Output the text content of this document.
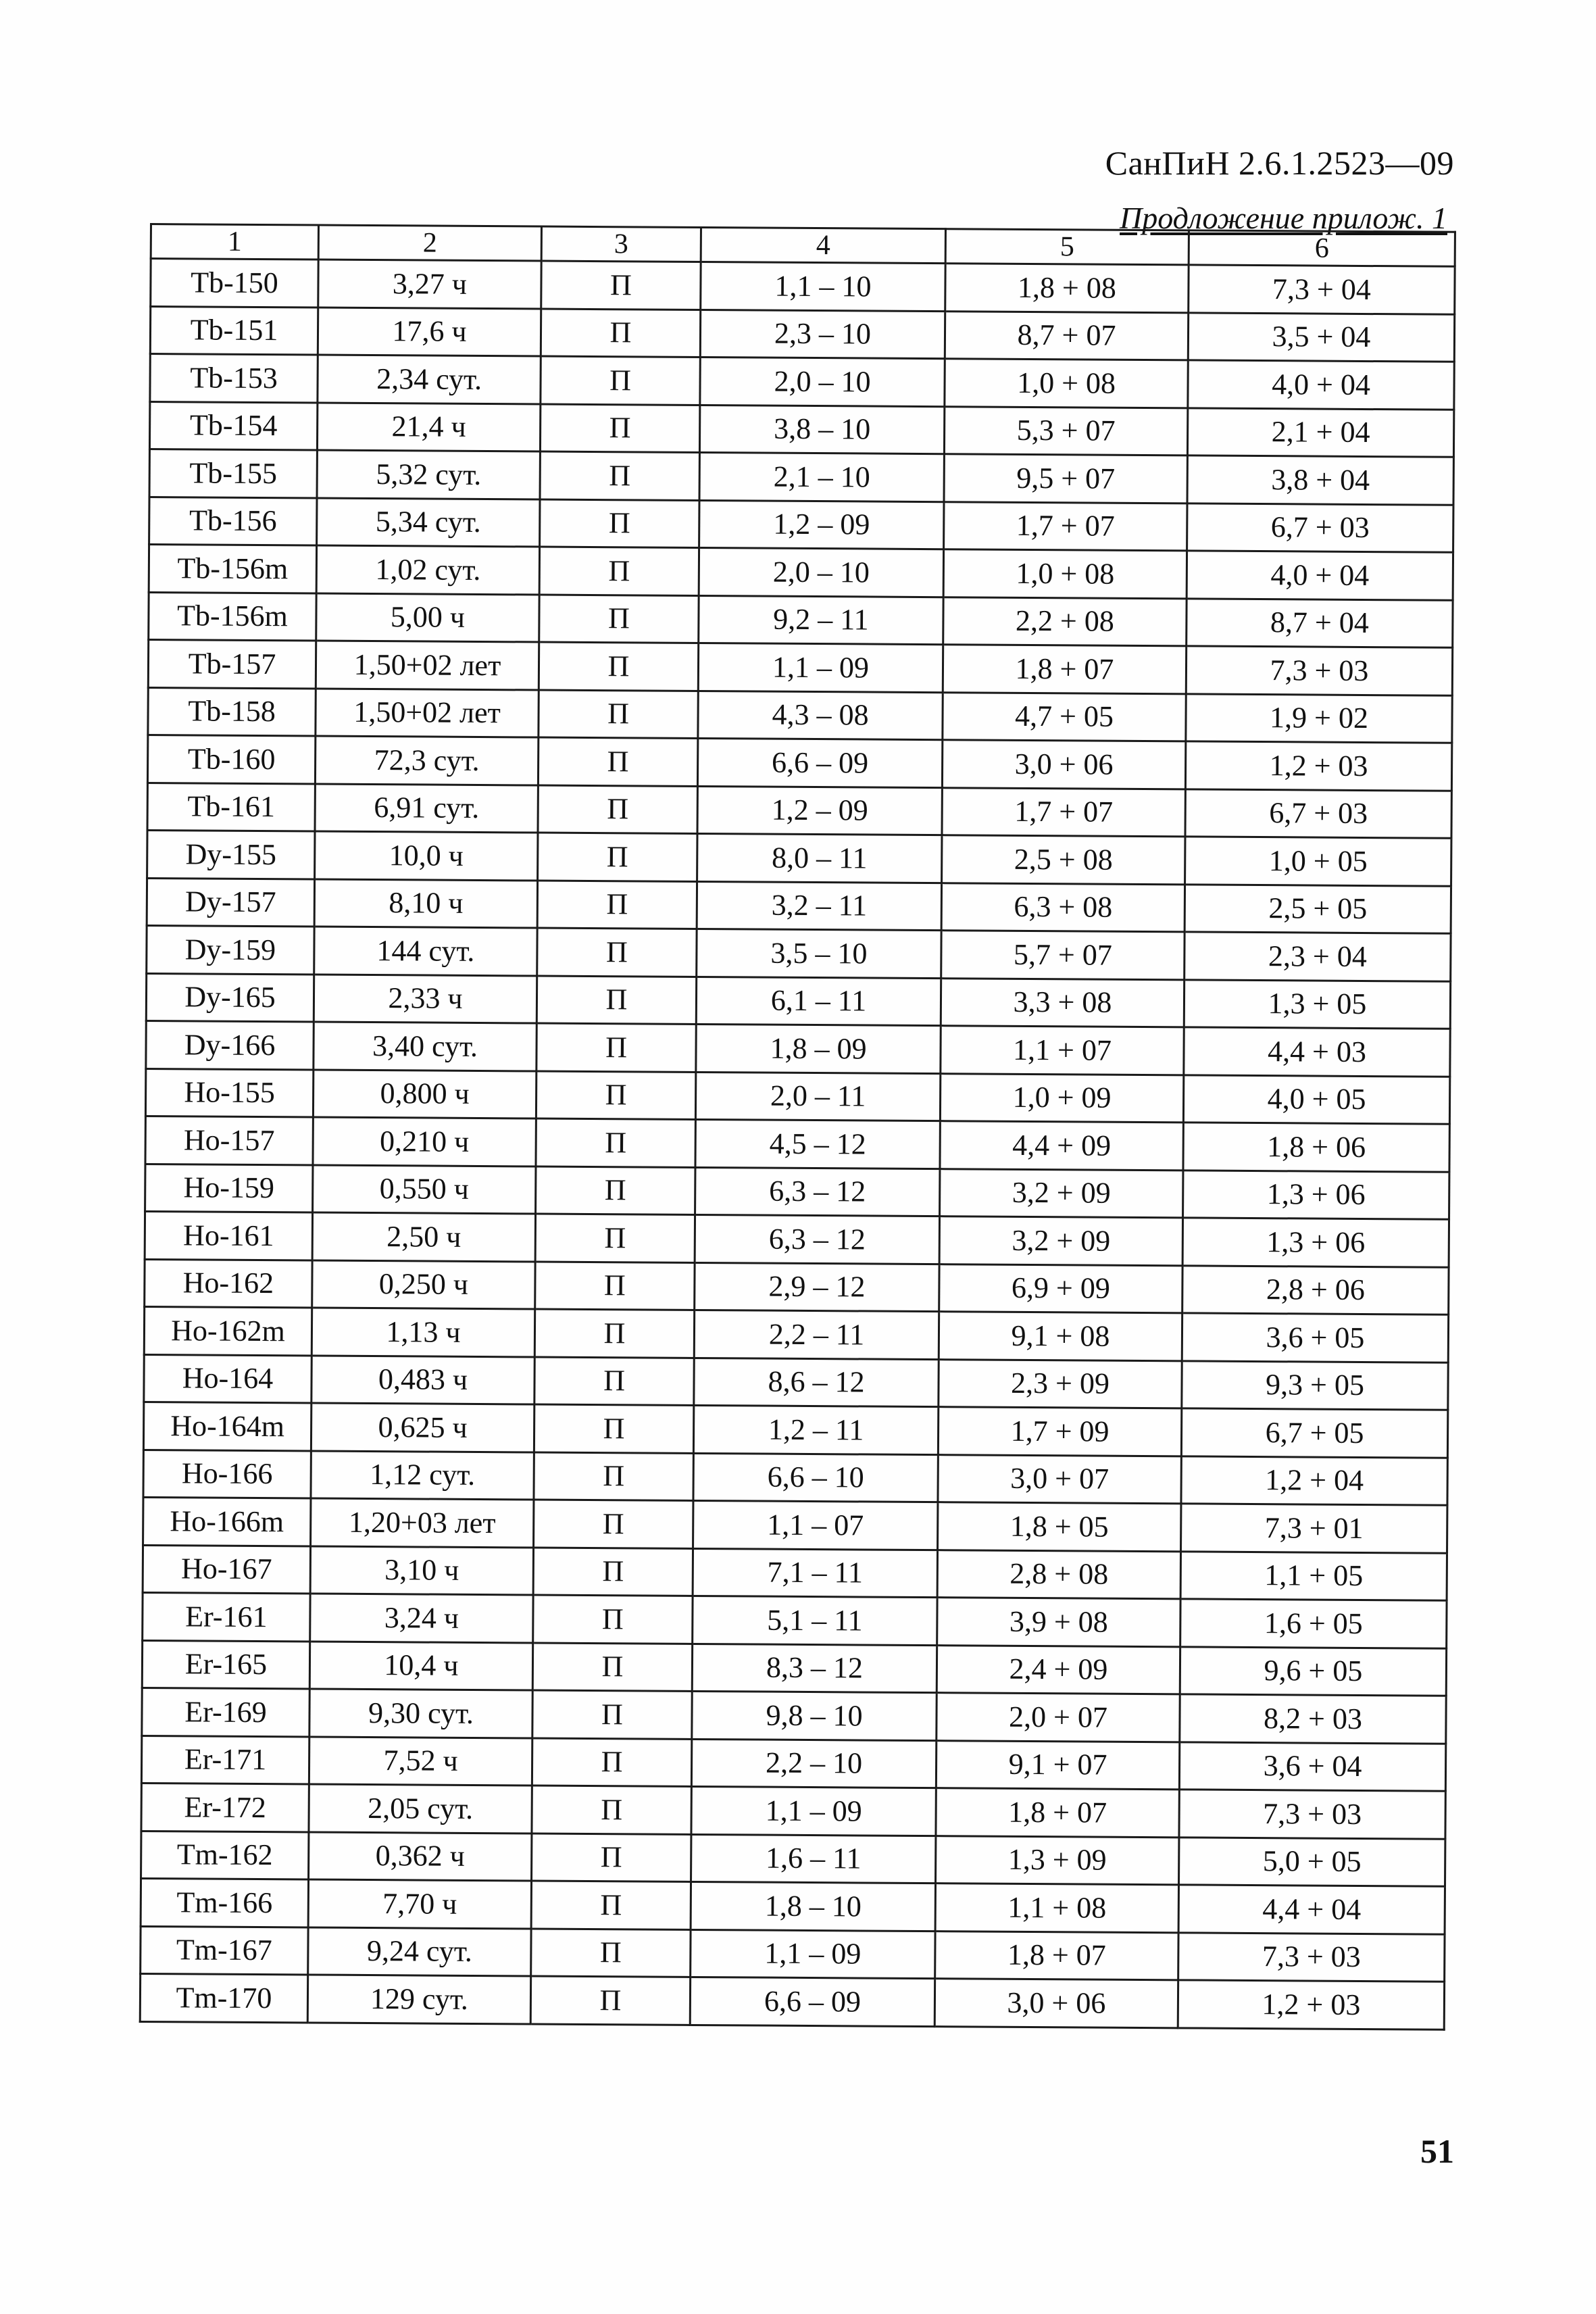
СанПиН 2.6.1.2523—09
Продложение прилож. 1
1	2	3	4	5	6
Tb-150	3,27 ч	П	1,1 – 10	1,8 + 08	7,3 + 04
Tb-151	17,6 ч	П	2,3 – 10	8,7 + 07	3,5 + 04
Tb-153	2,34 сут.	П	2,0 – 10	1,0 + 08	4,0 + 04
Tb-154	21,4 ч	П	3,8 – 10	5,3 + 07	2,1 + 04
Tb-155	5,32 сут.	П	2,1 – 10	9,5 + 07	3,8 + 04
Tb-156	5,34 сут.	П	1,2 – 09	1,7 + 07	6,7 + 03
Tb-156m	1,02 сут.	П	2,0 – 10	1,0 + 08	4,0 + 04
Tb-156m	5,00 ч	П	9,2 – 11	2,2 + 08	8,7 + 04
Tb-157	1,50+02 лет	П	1,1 – 09	1,8 + 07	7,3 + 03
Tb-158	1,50+02 лет	П	4,3 – 08	4,7 + 05	1,9 + 02
Tb-160	72,3 сут.	П	6,6 – 09	3,0 + 06	1,2 + 03
Tb-161	6,91 сут.	П	1,2 – 09	1,7 + 07	6,7 + 03
Dy-155	10,0 ч	П	8,0 – 11	2,5 + 08	1,0 + 05
Dy-157	8,10 ч	П	3,2 – 11	6,3 + 08	2,5 + 05
Dy-159	144 сут.	П	3,5 – 10	5,7 + 07	2,3 + 04
Dy-165	2,33 ч	П	6,1 – 11	3,3 + 08	1,3 + 05
Dy-166	3,40 сут.	П	1,8 – 09	1,1 + 07	4,4 + 03
Ho-155	0,800 ч	П	2,0 – 11	1,0 + 09	4,0 + 05
Ho-157	0,210 ч	П	4,5 – 12	4,4 + 09	1,8 + 06
Ho-159	0,550 ч	П	6,3 – 12	3,2 + 09	1,3 + 06
Ho-161	2,50 ч	П	6,3 – 12	3,2 + 09	1,3 + 06
Ho-162	0,250 ч	П	2,9 – 12	6,9 + 09	2,8 + 06
Ho-162m	1,13 ч	П	2,2 – 11	9,1 + 08	3,6 + 05
Ho-164	0,483 ч	П	8,6 – 12	2,3 + 09	9,3 + 05
Ho-164m	0,625 ч	П	1,2 – 11	1,7 + 09	6,7 + 05
Ho-166	1,12 сут.	П	6,6 – 10	3,0 + 07	1,2 + 04
Ho-166m	1,20+03 лет	П	1,1 – 07	1,8 + 05	7,3 + 01
Ho-167	3,10 ч	П	7,1 – 11	2,8 + 08	1,1 + 05
Er-161	3,24 ч	П	5,1 – 11	3,9 + 08	1,6 + 05
Er-165	10,4 ч	П	8,3 – 12	2,4 + 09	9,6 + 05
Er-169	9,30 сут.	П	9,8 – 10	2,0 + 07	8,2 + 03
Er-171	7,52 ч	П	2,2 – 10	9,1 + 07	3,6 + 04
Er-172	2,05 сут.	П	1,1 – 09	1,8 + 07	7,3 + 03
Tm-162	0,362 ч	П	1,6 – 11	1,3 + 09	5,0 + 05
Tm-166	7,70 ч	П	1,8 – 10	1,1 + 08	4,4 + 04
Tm-167	9,24 сут.	П	1,1 – 09	1,8 + 07	7,3 + 03
Tm-170	129 сут.	П	6,6 – 09	3,0 + 06	1,2 + 03
51
